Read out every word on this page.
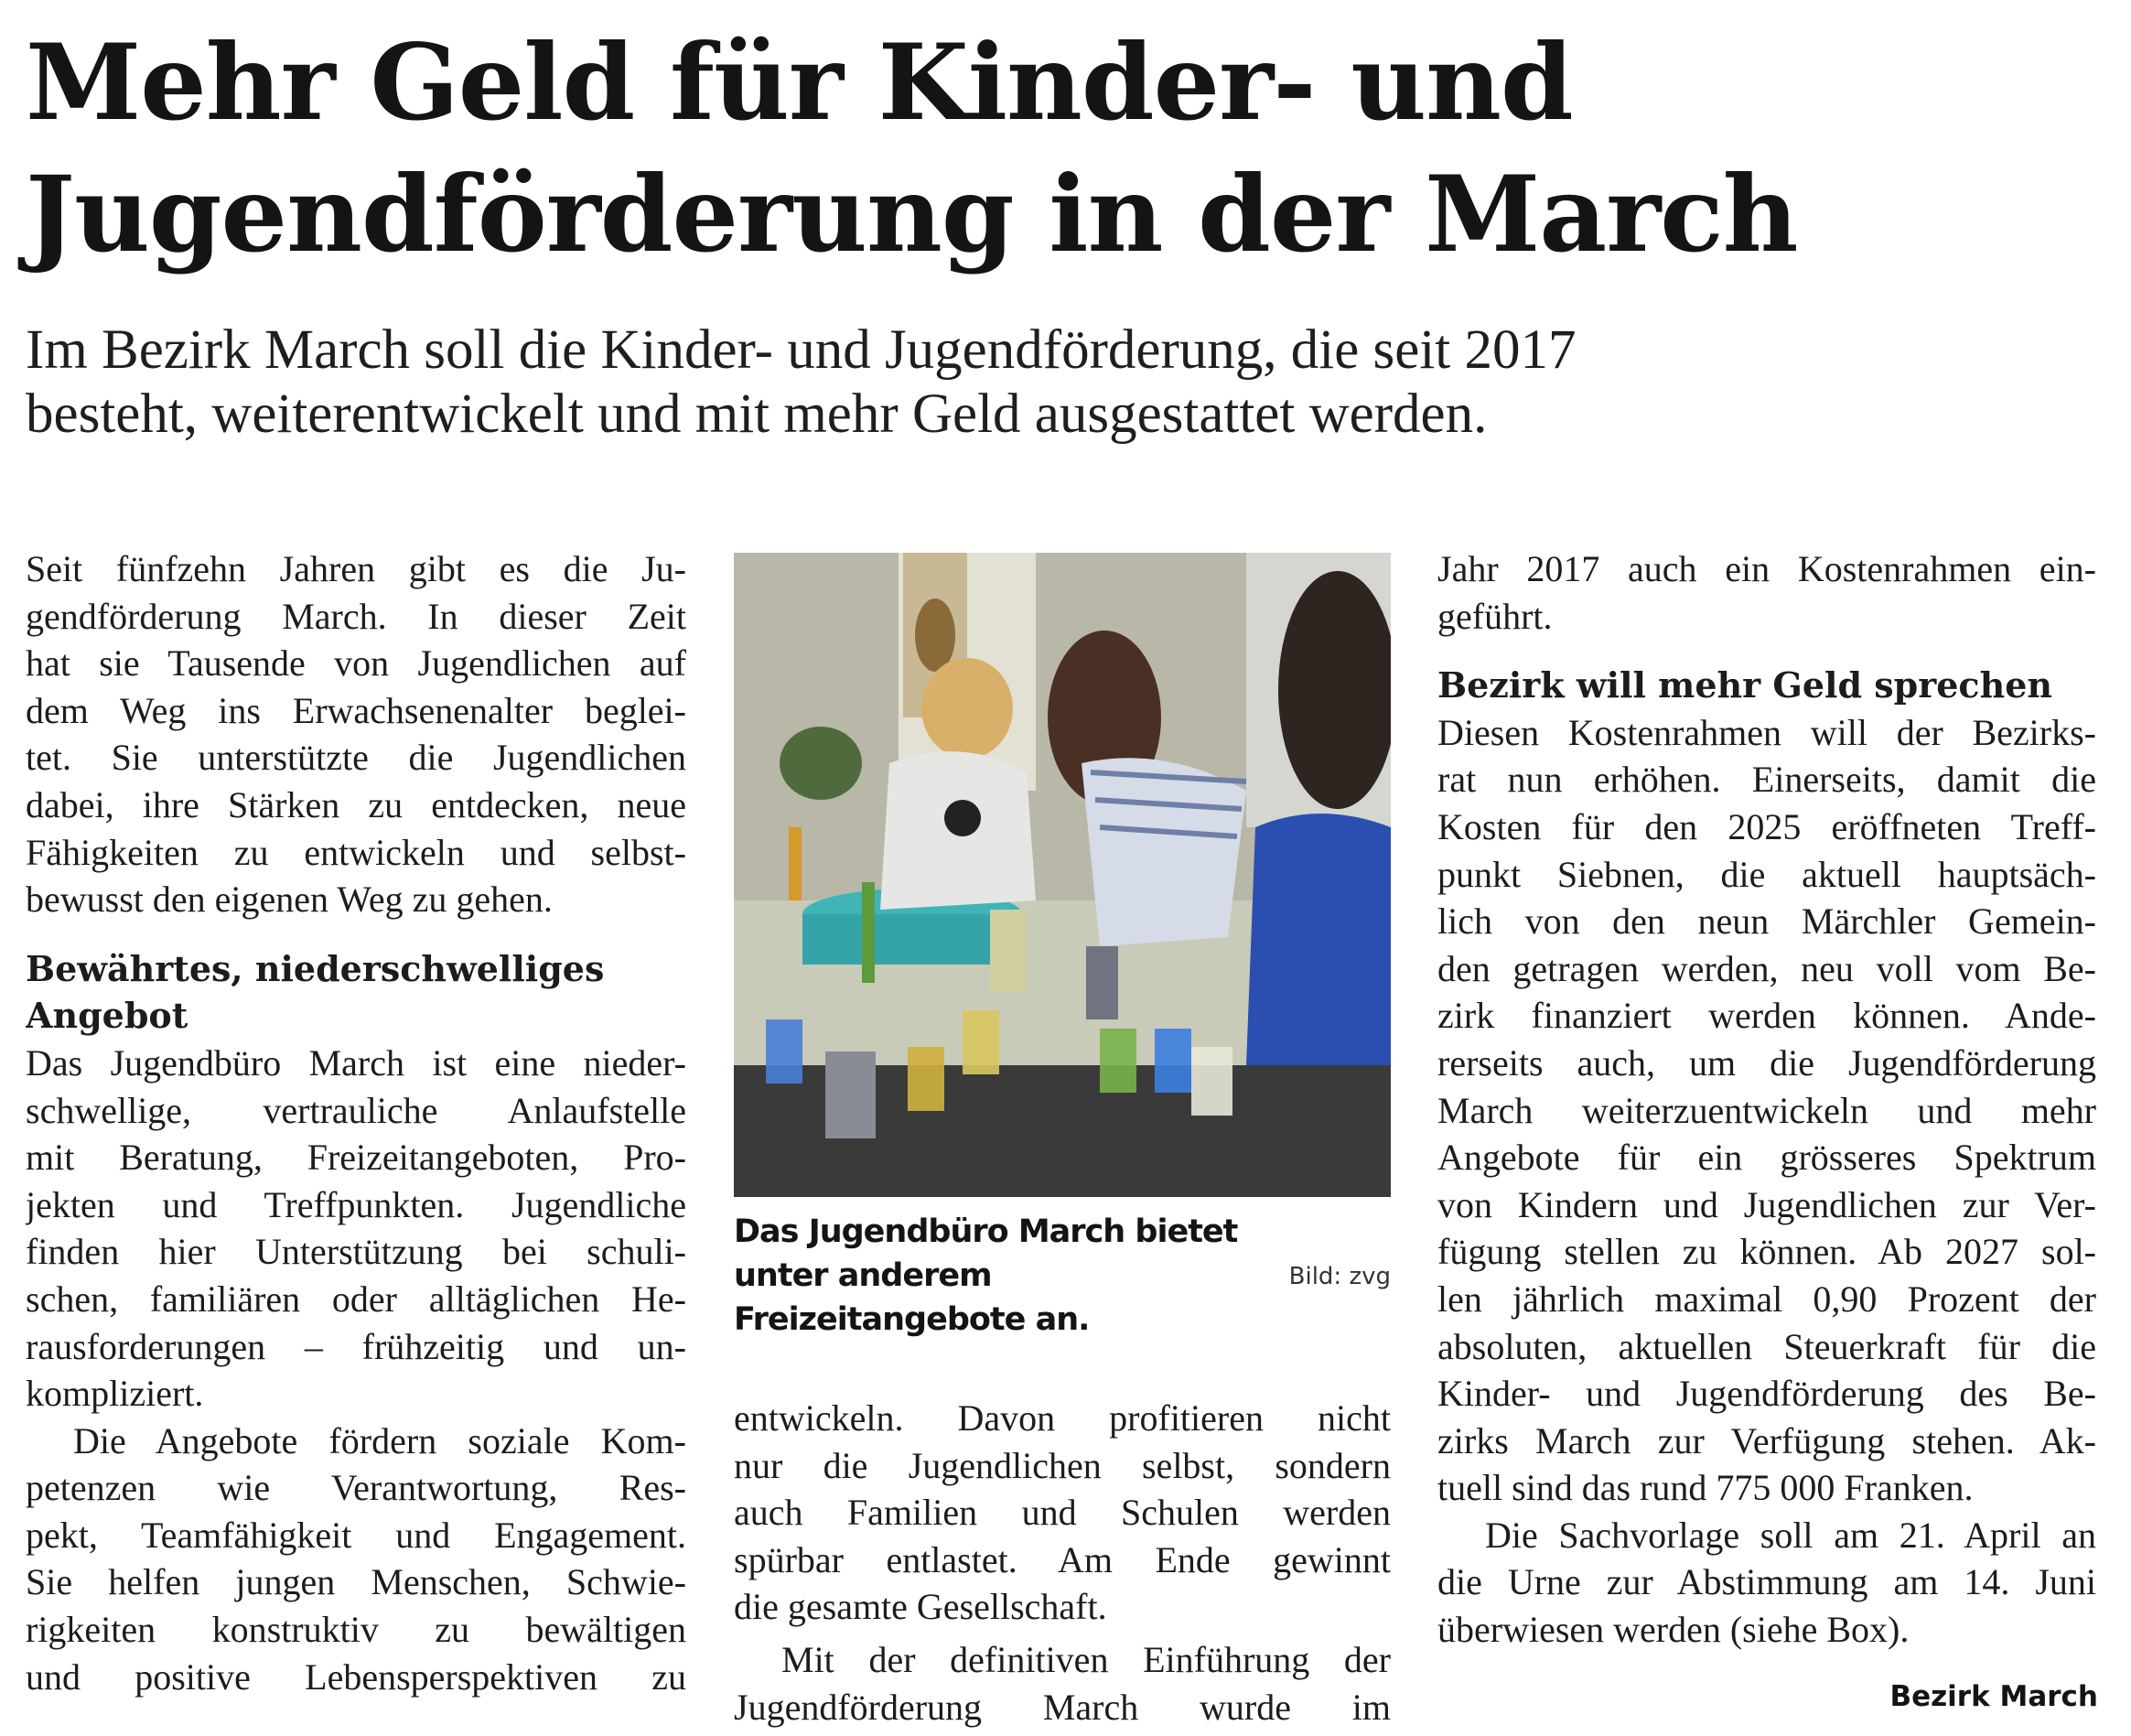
Mehr Geld für Kinder- und
Jugendförderung in der March

Im Bezirk March soll die Kinder- und Jugendförderung, die seit 2017
besteht, weiterentwickelt und mit mehr Geld ausgestattet werden.

Seit fünfzehn Jahren gibt es die Ju-
gendförderung March. In dieser Zeit
hat sie Tausende von Jugendlichen auf
dem Weg ins Erwachsenenalter beglei-
tet. Sie unterstützte die Jugendlichen
dabei, ihre Stärken zu entdecken, neue
Fähigkeiten zu entwickeln und selbst-
bewusst den eigenen Weg zu gehen.
Bewährtes, niederschwelliges
Angebot
Das Jugendbüro March ist eine nieder-
schwellige, vertrauliche Anlaufstelle
mit Beratung, Freizeitangeboten, Pro-
jekten und Treffpunkten. Jugendliche
finden hier Unterstützung bei schuli-
schen, familiären oder alltäglichen He-
rausforderungen – frühzeitig und un-
kompliziert.
Die Angebote fördern soziale Kom-
petenzen wie Verantwortung, Res-
pekt, Teamfähigkeit und Engagement.
Sie helfen jungen Menschen, Schwie-
rigkeiten konstruktiv zu bewältigen
und positive Lebensperspektiven zu
Das Jugendbüro March bietet unter anderem Freizeitangebote an.
Bild: zvg
entwickeln. Davon profitieren nicht
nur die Jugendlichen selbst, sondern
auch Familien und Schulen werden
spürbar entlastet. Am Ende gewinnt
die gesamte Gesellschaft.
Mit der definitiven Einführung der
Jugendförderung March wurde im
Jahr 2017 auch ein Kostenrahmen ein-
geführt.
Bezirk will mehr Geld sprechen
Diesen Kostenrahmen will der Bezirks-
rat nun erhöhen. Einerseits, damit die
Kosten für den 2025 eröffneten Treff-
punkt Siebnen, die aktuell hauptsäch-
lich von den neun Märchler Gemein-
den getragen werden, neu voll vom Be-
zirk finanziert werden können. Ande-
rerseits auch, um die Jugendförderung
March weiterzuentwickeln und mehr
Angebote für ein grösseres Spektrum
von Kindern und Jugendlichen zur Ver-
fügung stellen zu können. Ab 2027 sol-
len jährlich maximal 0,90 Prozent der
absoluten, aktuellen Steuerkraft für die
Kinder- und Jugendförderung des Be-
zirks March zur Verfügung stehen. Ak-
tuell sind das rund 775 000 Franken.
Die Sachvorlage soll am 21. April an
die Urne zur Abstimmung am 14. Juni
überwiesen werden (siehe Box).
Bezirk March
